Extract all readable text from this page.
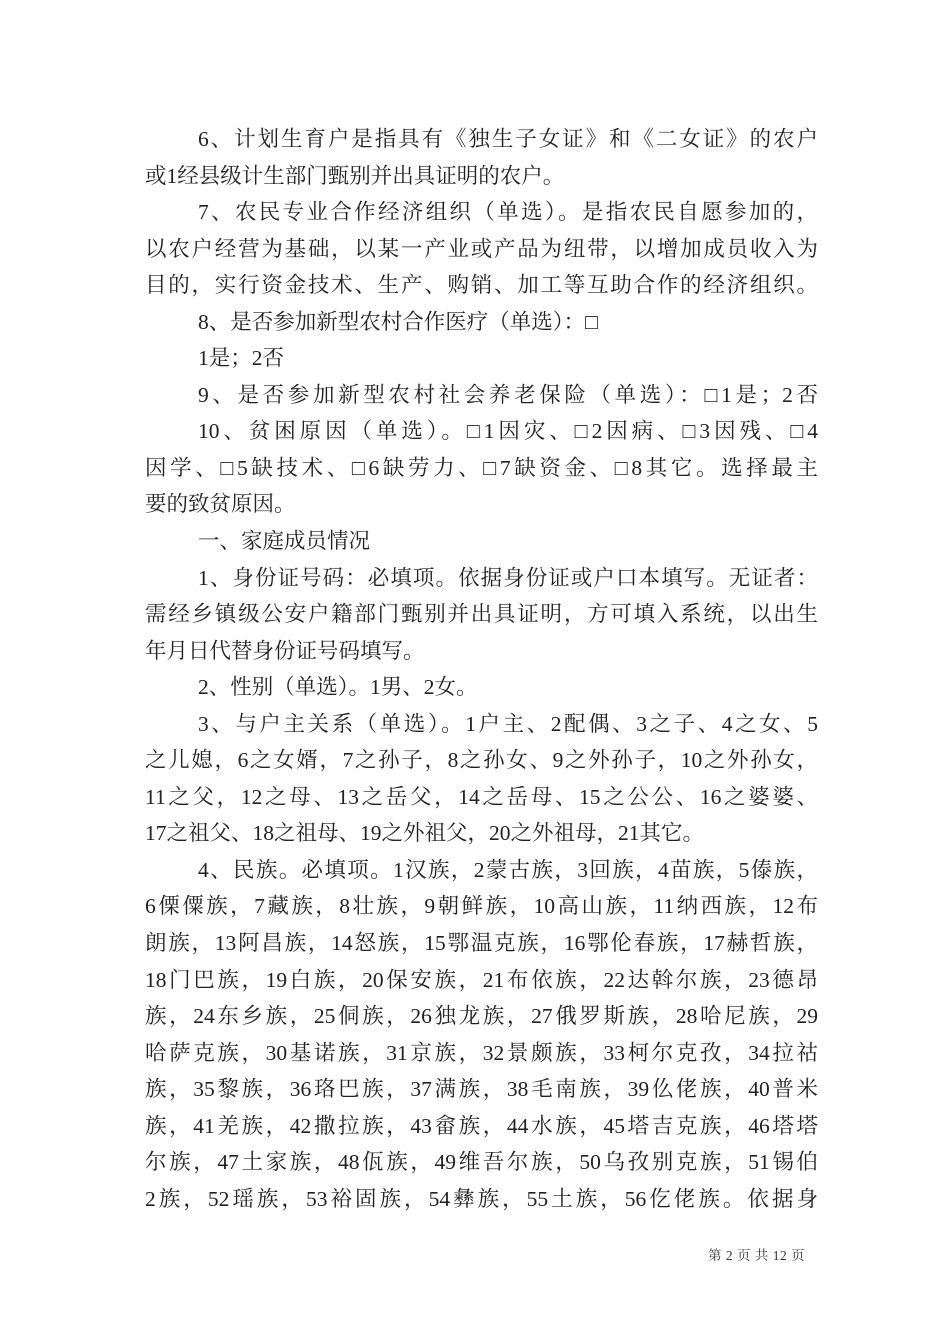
6、计划生育户是指具有《独生子女证》和《二女证》的农户
或1经县级计生部门甄别并出具证明的农户。
7、农民专业合作经济组织（单选）。是指农民自愿参加的，
以农户经营为基础，以某一产业或产品为纽带，以增加成员收入为
目的，实行资金技术、生产、购销、加工等互助合作的经济组织。
8、是否参加新型农村合作医疗（单选）：□
1是；2否
9、是否参加新型农村社会养老保险（单选）：□1是；2否
10、贫困原因（单选）。□1因灾、□2因病、□3因残、□4
因学、□5缺技术、□6缺劳力、□7缺资金、□8其它。选择最主
要的致贫原因。
一、家庭成员情况
1、身份证号码：必填项。依据身份证或户口本填写。无证者：
需经乡镇级公安户籍部门甄别并出具证明，方可填入系统，以出生
年月日代替身份证号码填写。
2、性别（单选）。1男、2女。
3、与户主关系（单选）。1户主、2配偶、3之子、4之女、5
之儿媳，6之女婿，7之孙子，8之孙女、9之外孙子，10之外孙女，
11之父，12之母、13之岳父，14之岳母、15之公公、16之婆婆、
17之祖父、18之祖母、19之外祖父，20之外祖母，21其它。
4、民族。必填项。1汉族，2蒙古族，3回族，4苗族，5傣族，
6傈僳族，7藏族，8壮族，9朝鲜族，10高山族，11纳西族，12布
朗族，13阿昌族，14怒族，15鄂温克族，16鄂伦春族，17赫哲族，
18门巴族，19白族，20保安族，21布依族，22达斡尔族，23德昂
族，24东乡族，25侗族，26独龙族，27俄罗斯族，28哈尼族，29
哈萨克族，30基诺族，31京族，32景颇族，33柯尔克孜，34拉祜
族，35黎族，36珞巴族，37满族，38毛南族，39仫佬族，40普米
族，41羌族，42撒拉族，43畲族，44水族，45塔吉克族，46塔塔
尔族，47土家族，48佤族，49维吾尔族，50乌孜别克族，51锡伯
2族，52瑶族，53裕固族，54彝族，55土族，56仡佬族。依据身
第 2 页 共 12 页
